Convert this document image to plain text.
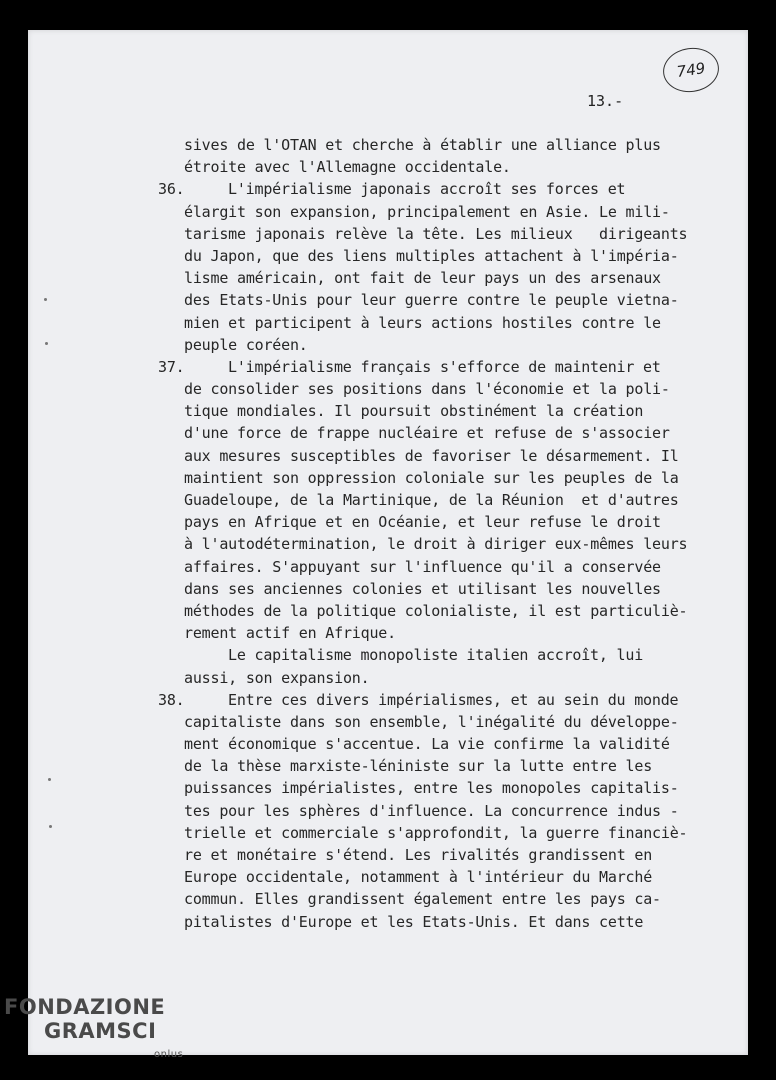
749
13.-
sives de l'OTAN et cherche à établir une alliance plus
étroite avec l'Allemagne occidentale.
36.	L'impérialisme japonais accroît ses forces et
élargit son expansion, principalement en Asie. Le mili-
tarisme japonais relève la tête. Les milieux   dirigeants
du Japon, que des liens multiples attachent à l'impéria-
lisme américain, ont fait de leur pays un des arsenaux
des Etats-Unis pour leur guerre contre le peuple vietna-
mien et participent à leurs actions hostiles contre le
peuple coréen.
37.	L'impérialisme français s'efforce de maintenir et
de consolider ses positions dans l'économie et la poli-
tique mondiales. Il poursuit obstinément la création
d'une force de frappe nucléaire et refuse de s'associer
aux mesures susceptibles de favoriser le désarmement. Il
maintient son oppression coloniale sur les peuples de la
Guadeloupe, de la Martinique, de la Réunion  et d'autres
pays en Afrique et en Océanie, et leur refuse le droit
à l'autodétermination, le droit à diriger eux-mêmes leurs
affaires. S'appuyant sur l'influence qu'il a conservée
dans ses anciennes colonies et utilisant les nouvelles
méthodes de la politique colonialiste, il est particuliè-
rement actif en Afrique.
Le capitalisme monopoliste italien accroît, lui
aussi, son expansion.
38.	Entre ces divers impérialismes, et au sein du monde
capitaliste dans son ensemble, l'inégalité du développe-
ment économique s'accentue. La vie confirme la validité
de la thèse marxiste-léniniste sur la lutte entre les
puissances impérialistes, entre les monopoles capitalis-
tes pour les sphères d'influence. La concurrence indus -
trielle et commerciale s'approfondit, la guerre financiè-
re et monétaire s'étend. Les rivalités grandissent en
Europe occidentale, notamment à l'intérieur du Marché
commun. Elles grandissent également entre les pays ca-
pitalistes d'Europe et les Etats-Unis. Et dans cette
FONDAZIONE
GRAMSCI
onlus
